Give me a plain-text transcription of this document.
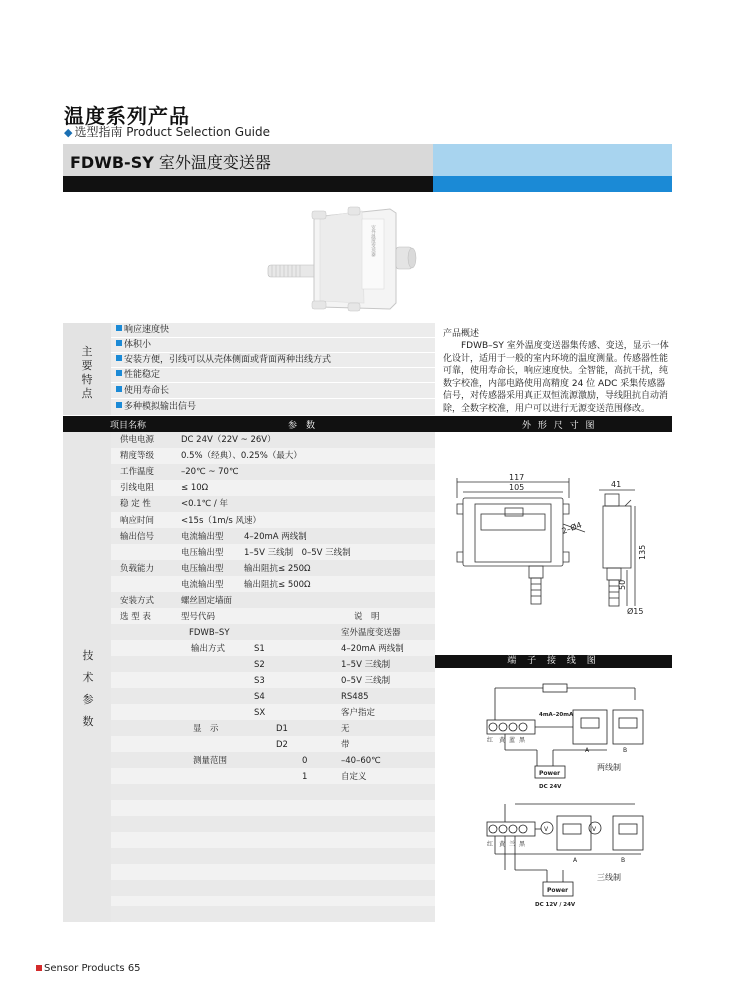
温度系列产品
◆ 选型指南 Product Selection Guide
FDWB-SY 室外温度变送器
室外温度变送器
主
要
特
点
响应速度快
体积小
安装方便，引线可以从壳体侧面或背面两种出线方式
性能稳定
使用寿命长
多种模拟输出信号
产品概述
FDWB–SY 室外温度变送器集传感、变送，显示一体化设计，适用于一般的室内环境的温度测量。传感器性能可靠，使用寿命长，响应速度快。全智能，高抗干扰，纯数字校准，内部电路使用高精度 24 位 ADC 采集传感器信号，对传感器采用真正双恒流源激励，导线阻抗自动消除，全数字校准，用户可以进行无源变送范围修改。
项目名称	参　数	外 形 尺 寸 图
技
术
参
数
供电电源	DC 24V（22V ~ 26V）
精度等级	0.5%（经典）、0.25%（最大）
工作温度	–20℃ ~ 70℃
引线电阻	≤ 10Ω
稳 定 性	<0.1℃ / 年
响应时间	<15s（1m/s 风速）
输出信号	电流输出型 4–20mA 两线制
电压输出型 1–5V 三线制　0–5V 三线制
负载能力	电压输出型 输出阻抗≤ 250Ω
电流输出型 输出阻抗≤ 500Ω
安装方式	螺丝固定墙面
选 型 表	型号代码	说　明
FDWB–SY	室外温度变送器
输出方式	S1	4–20mA 两线制
S2	1–5V 三线制
S3	0–5V 三线制
S4	RS485
SX	客户指定
显　示	D1	无
D2	带
测量范围	0	–40–60℃
1	自定义
117
105
2–Ø4
41
135
50
Ø15
端 子 接 线 图
4mA–20mA
红 黄 蓝 黑
A	B
Power
DC 24V
两线制
红 黄 兰 黑
V	V
A	B
Power
DC 12V / 24V
三线制
Sensor Products 65
